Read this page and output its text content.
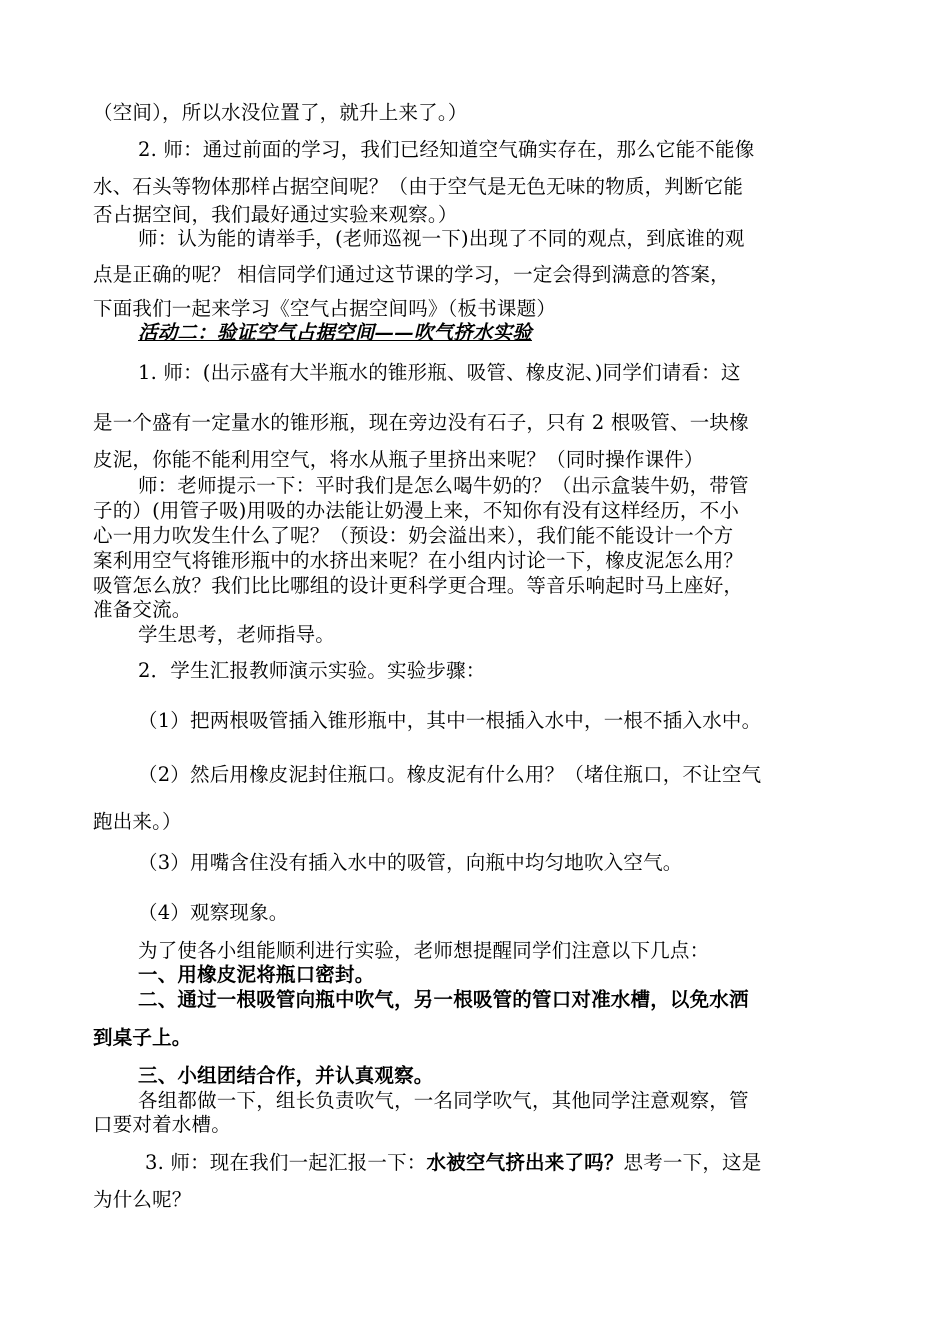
（空间），所以水没位置了，就升上来了。）
2. 师：通过前面的学习，我们已经知道空气确实存在，那么它能不能像
水、石头等物体那样占据空间呢？（由于空气是无色无味的物质，判断它能
否占据空间，我们最好通过实验来观察。）
师：认为能的请举手，(老师巡视一下)出现了不同的观点，到底谁的观
点是正确的呢？ 相信同学们通过这节课的学习，一定会得到满意的答案，
下面我们一起来学习《空气占据空间吗》（板书课题）
活动二：验证空气占据空间——吹气挤水实验
1. 师：(出示盛有大半瓶水的锥形瓶、吸管、橡皮泥、)同学们请看：这
是一个盛有一定量水的锥形瓶，现在旁边没有石子，只有 2 根吸管、一块橡
皮泥，你能不能利用空气，将水从瓶子里挤出来呢？（同时操作课件）
师：老师提示一下：平时我们是怎么喝牛奶的？（出示盒装牛奶，带管
子的）(用管子吸)用吸的办法能让奶漫上来，不知你有没有这样经历，不小
心一用力吹发生什么了呢？（预设：奶会溢出来），我们能不能设计一个方
案利用空气将锥形瓶中的水挤出来呢？在小组内讨论一下，橡皮泥怎么用？
吸管怎么放？我们比比哪组的设计更科学更合理。等音乐响起时马上座好，
准备交流。
学生思考，老师指导。
2．学生汇报教师演示实验。实验步骤：
（1）把两根吸管插入锥形瓶中，其中一根插入水中，一根不插入水中。
（2）然后用橡皮泥封住瓶口。橡皮泥有什么用？（堵住瓶口，不让空气
跑出来。）
（3）用嘴含住没有插入水中的吸管，向瓶中均匀地吹入空气。
（4）观察现象。
为了使各小组能顺利进行实验，老师想提醒同学们注意以下几点：
一、用橡皮泥将瓶口密封。
二、通过一根吸管向瓶中吹气，另一根吸管的管口对准水槽，以免水洒
到桌子上。
三、小组团结合作，并认真观察。
各组都做一下，组长负责吹气，一名同学吹气，其他同学注意观察，管
口要对着水槽。
3. 师：现在我们一起汇报一下：水被空气挤出来了吗？思考一下，这是
为什么呢？
